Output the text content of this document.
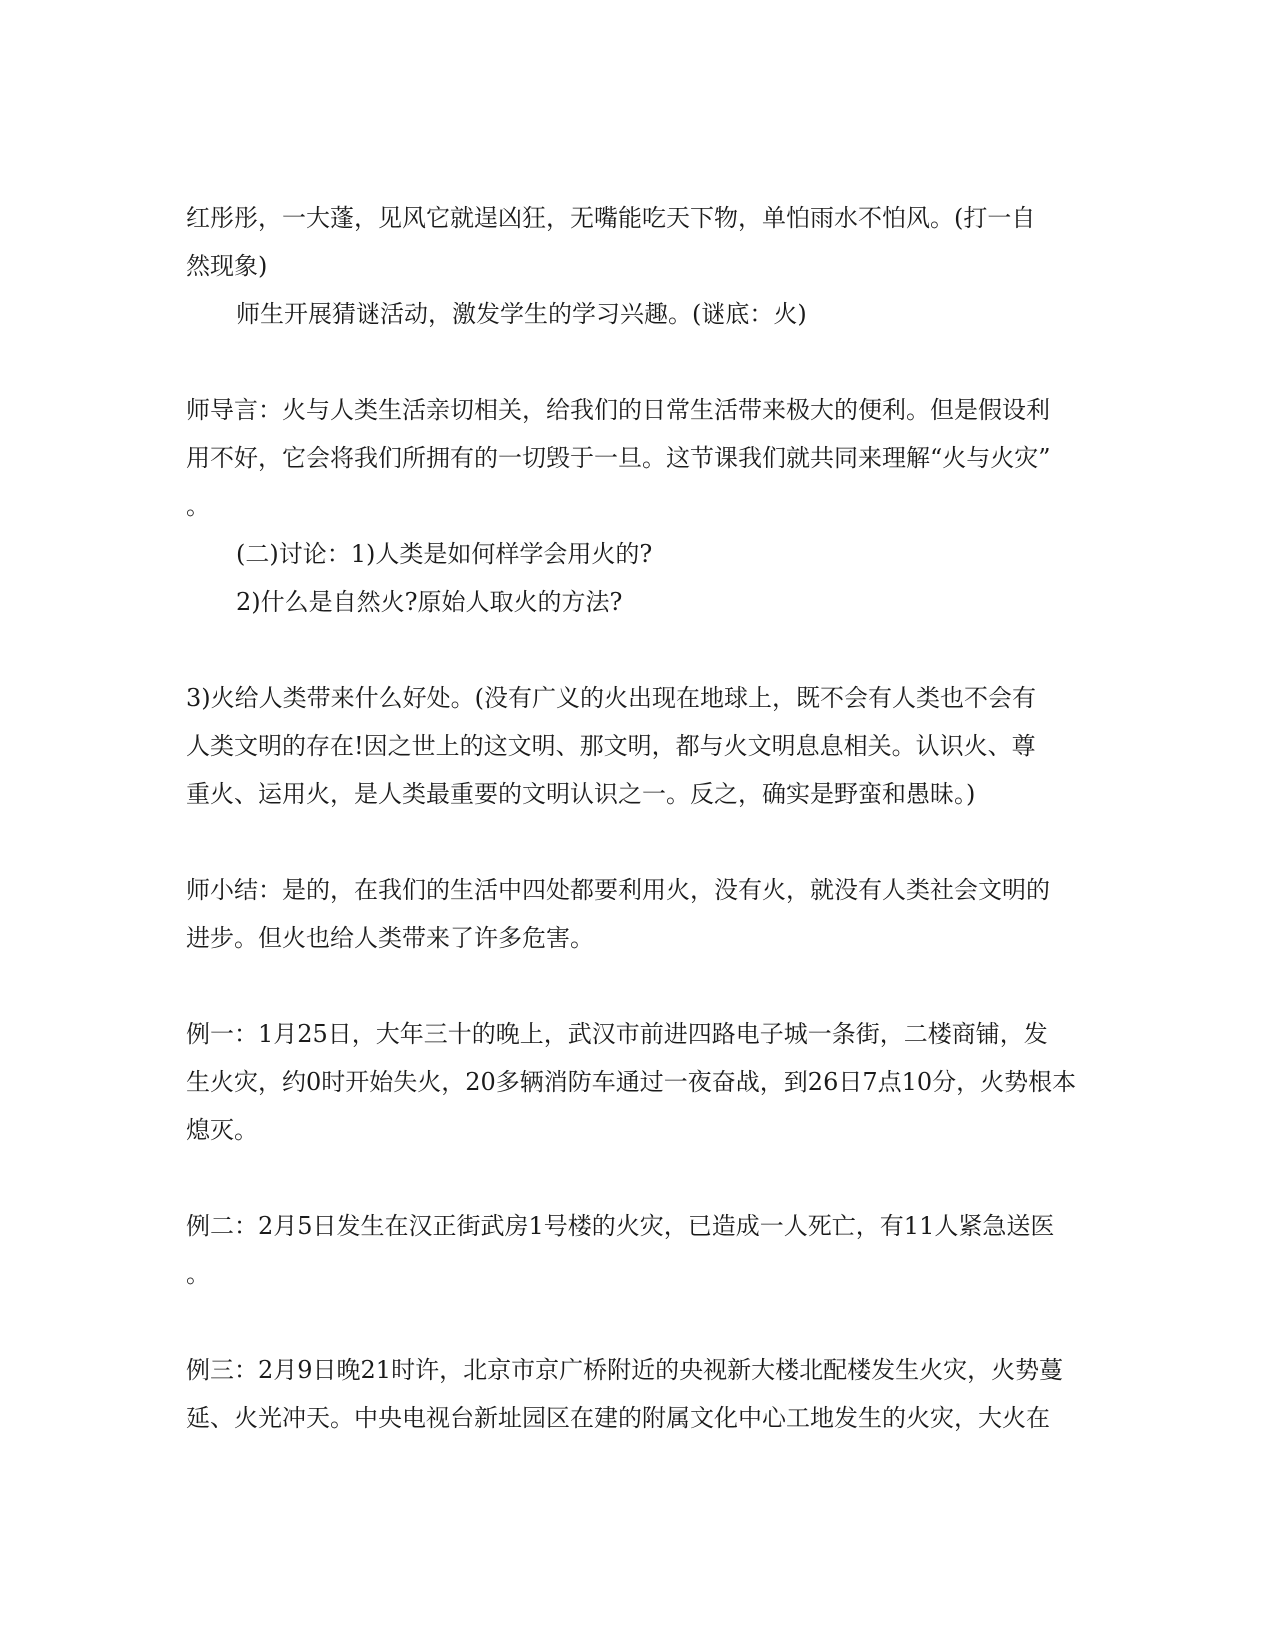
红彤彤，一大蓬，见风它就逞凶狂，无嘴能吃天下物，单怕雨水不怕风。(打一自
然现象)
师生开展猜谜活动，激发学生的学习兴趣。(谜底：火)
师导言：火与人类生活亲切相关，给我们的日常生活带来极大的便利。但是假设利
用不好，它会将我们所拥有的一切毁于一旦。这节课我们就共同来理解“火与火灾”
。
(二)讨论：1)人类是如何样学会用火的?
2)什么是自然火?原始人取火的方法?
3)火给人类带来什么好处。(没有广义的火出现在地球上，既不会有人类也不会有
人类文明的存在!因之世上的这文明、那文明，都与火文明息息相关。认识火、尊
重火、运用火，是人类最重要的文明认识之一。反之，确实是野蛮和愚昧。)
师小结：是的，在我们的生活中四处都要利用火，没有火，就没有人类社会文明的
进步。但火也给人类带来了许多危害。
例一：1月25日，大年三十的晚上，武汉市前进四路电子城一条街，二楼商铺，发
生火灾，约0时开始失火，20多辆消防车通过一夜奋战，到26日7点10分，火势根本
熄灭。
例二：2月5日发生在汉正街武房1号楼的火灾，已造成一人死亡，有11人紧急送医
。
例三：2月9日晚21时许，北京市京广桥附近的央视新大楼北配楼发生火灾，火势蔓
延、火光冲天。中央电视台新址园区在建的附属文化中心工地发生的火灾，大火在
